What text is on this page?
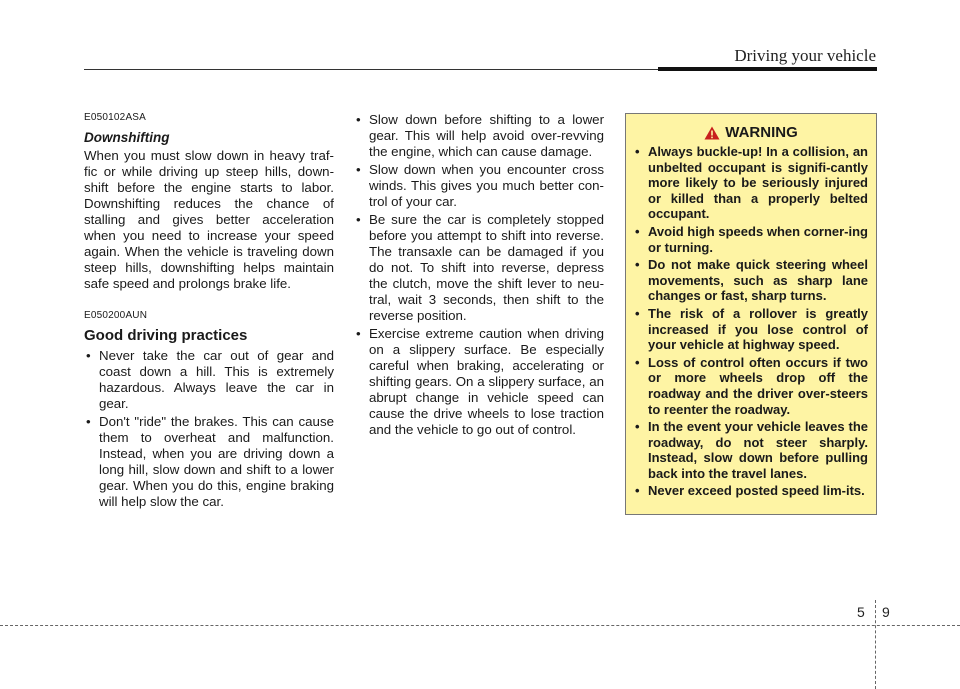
Driving your vehicle
E050102ASA
Downshifting

When you must slow down in heavy traf-fic or while driving up steep hills, down-shift before the engine starts to labor. Downshifting reduces the chance of stalling and gives better acceleration when you need to increase your speed again. When the vehicle is traveling down steep hills, downshifting helps maintain safe speed and prolongs brake life.

E050200AUN
Good driving practices
• Never take the car out of gear and coast down a hill. This is extremely hazardous. Always leave the car in gear.
• Don't "ride" the brakes. This can cause them to overheat and malfunction. Instead, when you are driving down a long hill, slow down and shift to a lower gear. When you do this, engine braking will help slow the car.
• Slow down before shifting to a lower gear. This will help avoid over-revving the engine, which can cause damage.
• Slow down when you encounter cross winds. This gives you much better con-trol of your car.
• Be sure the car is completely stopped before you attempt to shift into reverse. The transaxle can be damaged if you do not. To shift into reverse, depress the clutch, move the shift lever to neu-tral, wait 3 seconds, then shift to the reverse position.
• Exercise extreme caution when driving on a slippery surface. Be especially careful when braking, accelerating or shifting gears. On a slippery surface, an abrupt change in vehicle speed can cause the drive wheels to lose traction and the vehicle to go out of control.
WARNING
• Always buckle-up! In a collision, an unbelted occupant is signifi-cantly more likely to be seriously injured or killed than a properly belted occupant.
• Avoid high speeds when corner-ing or turning.
• Do not make quick steering wheel movements, such as sharp lane changes or fast, sharp turns.
• The risk of a rollover is greatly increased if you lose control of your vehicle at highway speed.
• Loss of control often occurs if two or more wheels drop off the roadway and the driver over-steers to reenter the roadway.
• In the event your vehicle leaves the roadway, do not steer sharply. Instead, slow down before pulling back into the travel lanes.
• Never exceed posted speed lim-its.
5 9
